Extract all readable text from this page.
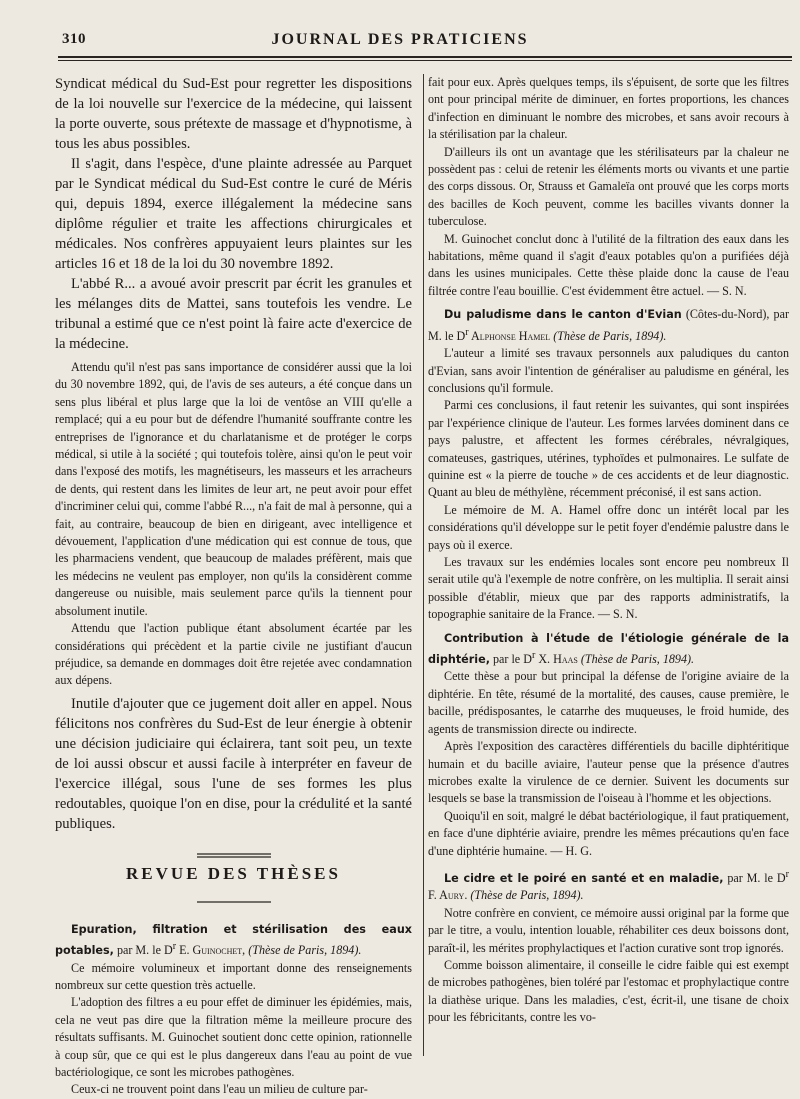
310	JOURNAL DES PRATICIENS

Syndicat médical du Sud-Est pour regretter les dispositions de la loi nouvelle sur l'exercice de la médecine, qui laissent la porte ouverte, sous prétexte de massage et d'hypnotisme, à tous les abus possibles.

Il s'agit, dans l'espèce, d'une plainte adressée au Parquet par le Syndicat médical du Sud-Est contre le curé de Méris qui, depuis 1894, exerce illégalement la médecine sans diplôme régulier et traite les affections chirurgicales et médicales. Nos confrères appuyaient leurs plaintes sur les articles 16 et 18 de la loi du 30 novembre 1892.

L'abbé R... a avoué avoir prescrit par écrit les granules et les mélanges dits de Mattei, sans toutefois les vendre. Le tribunal a estimé que ce n'est point là faire acte d'exercice de la médecine.

Attendu qu'il n'est pas sans importance de considérer aussi que la loi du 30 novembre 1892, qui, de l'avis de ses auteurs, a été conçue dans un sens plus libéral et plus large que la loi de ventôse an VIII qu'elle a remplacé; qui a eu pour but de défendre l'humanité souffrante contre les entreprises de l'ignorance et du charlatanisme et de protéger le corps médical, si utile à la société ; qui toutefois tolère, ainsi qu'on le peut voir dans l'exposé des motifs, les magnétiseurs, les masseurs et les arracheurs de dents, qui restent dans les limites de leur art, ne peut avoir pour effet d'incriminer celui qui, comme l'abbé R..., n'a fait de mal à personne, qui a fait, au contraire, beaucoup de bien en dirigeant, avec intelligence et dévouement, l'application d'une médication qui est connue de tous, que les pharmaciens vendent, que beaucoup de malades préfèrent, mais que les médecins ne veulent pas employer, non qu'ils la considèrent comme dangereuse ou nuisible, mais seulement parce qu'ils la tiennent pour absolument inutile.

Attendu que l'action publique étant absolument écartée par les considérations qui précèdent et la partie civile ne justifiant d'aucun préjudice, sa demande en dommages doit être rejetée avec condamnation aux dépens.

Inutile d'ajouter que ce jugement doit aller en appel. Nous félicitons nos confrères du Sud-Est de leur énergie à obtenir une décision judiciaire qui éclairera, tant soit peu, un texte de loi aussi obscur et aussi facile à interpréter en faveur de l'exercice illégal, sous l'une de ses formes les plus redoutables, quoique l'on en dise, pour la crédulité et la santé publiques.

REVUE DES THÈSES

Epuration, filtration et stérilisation des eaux potables, par M. le $D^r$ E. Guinochet, (Thèse de Paris, 1894).

Ce mémoire volumineux et important donne des renseignements nombreux sur cette question très actuelle.

L'adoption des filtres a eu pour effet de diminuer les épidémies, mais, cela ne veut pas dire que la filtration même la meilleure procure des résultats suffisants. M. Guinochet soutient donc cette opinion, rationnelle à coup sûr, que ce qui est le plus dangereux dans l'eau au point de vue bactériologique, ce sont les microbes pathogènes.

Ceux-ci ne trouvent point dans l'eau un milieu de culture par-

fait pour eux. Après quelques temps, ils s'épuisent, de sorte que les filtres ont pour principal mérite de diminuer, en fortes proportions, les chances d'infection en diminuant le nombre des microbes, et sans avoir recours à la stérilisation par la chaleur.

D'ailleurs ils ont un avantage que les stérilisateurs par la chaleur ne possèdent pas : celui de retenir les éléments morts ou vivants et une partie des corps dissous. Or, Strauss et Gamaleïa ont prouvé que les corps morts des bacilles de Koch peuvent, comme les bacilles vivants donner la tuberculose.

M. Guinochet conclut donc à l'utilité de la filtration des eaux dans les habitations, même quand il s'agit d'eaux potables qu'on a purifiées déjà dans les usines municipales. Cette thèse plaide donc la cause de l'eau filtrée contre l'eau bouillie. C'est évidemment être actuel. — S. N.

Du paludisme dans le canton d'Evian (Côtes-du-Nord), par M. le $D^r$ Alphonse Hamel (Thèse de Paris, 1894).

L'auteur a limité ses travaux personnels aux paludiques du canton d'Evian, sans avoir l'intention de généraliser au paludisme en général, les conclusions qu'il formule.

Parmi ces conclusions, il faut retenir les suivantes, qui sont inspirées par l'expérience clinique de l'auteur. Les formes larvées dominent dans ce pays palustre, et affectent les formes cérébrales, névralgiques, comateuses, gastriques, utérines, typhoïdes et pulmonaires. Le sulfate de quinine est « la pierre de touche » de ces accidents et de leur diagnostic. Quant au bleu de méthylène, récemment préconisé, il est sans action.

Le mémoire de M. A. Hamel offre donc un intérêt local par les considérations qu'il développe sur le petit foyer d'endémie palustre dans le pays où il exerce.

Les travaux sur les endémies locales sont encore peu nombreux Il serait utile qu'à l'exemple de notre confrère, on les multiplia. Il serait ainsi possible d'établir, mieux que par des rapports administratifs, la topographie sanitaire de la France. — S. N.

Contribution à l'étude de l'étiologie générale de la diphtérie, par le $D^r$ X. Haas (Thèse de Paris, 1894).

Cette thèse a pour but principal la défense de l'origine aviaire de la diphtérie. En tête, résumé de la mortalité, des causes, cause première, le bacille, prédisposantes, le catarrhe des muqueuses, le froid humide, des agents de transmission directe ou indirecte.

Après l'exposition des caractères différentiels du bacille diphtéritique humain et du bacille aviaire, l'auteur pense que la présence d'autres microbes exalte la virulence de ce dernier. Suivent les documents sur lesquels se base la transmission de l'oiseau à l'homme et les objections.

Quoiqu'il en soit, malgré le débat bactériologique, il faut pratiquement, en face d'une diphtérie aviaire, prendre les mêmes précautions qu'en face d'une diphtérie humaine. — H. G.

Le cidre et le poiré en santé et en maladie, par M. le $D^r$ F. Aury. (Thèse de Paris, 1894).

Notre confrère en convient, ce mémoire aussi original par la forme que par le titre, a voulu, intention louable, réhabiliter ces deux boissons dont, paraît-il, les mérites prophylactiques et l'action curative sont trop ignorés.

Comme boisson alimentaire, il conseille le cidre faible qui est exempt de microbes pathogènes, bien toléré par l'estomac et prophylactique contre la diathèse urique. Dans les maladies, c'est, écrit-il, une tisane de choix pour les fébricitants, contre les vo-
